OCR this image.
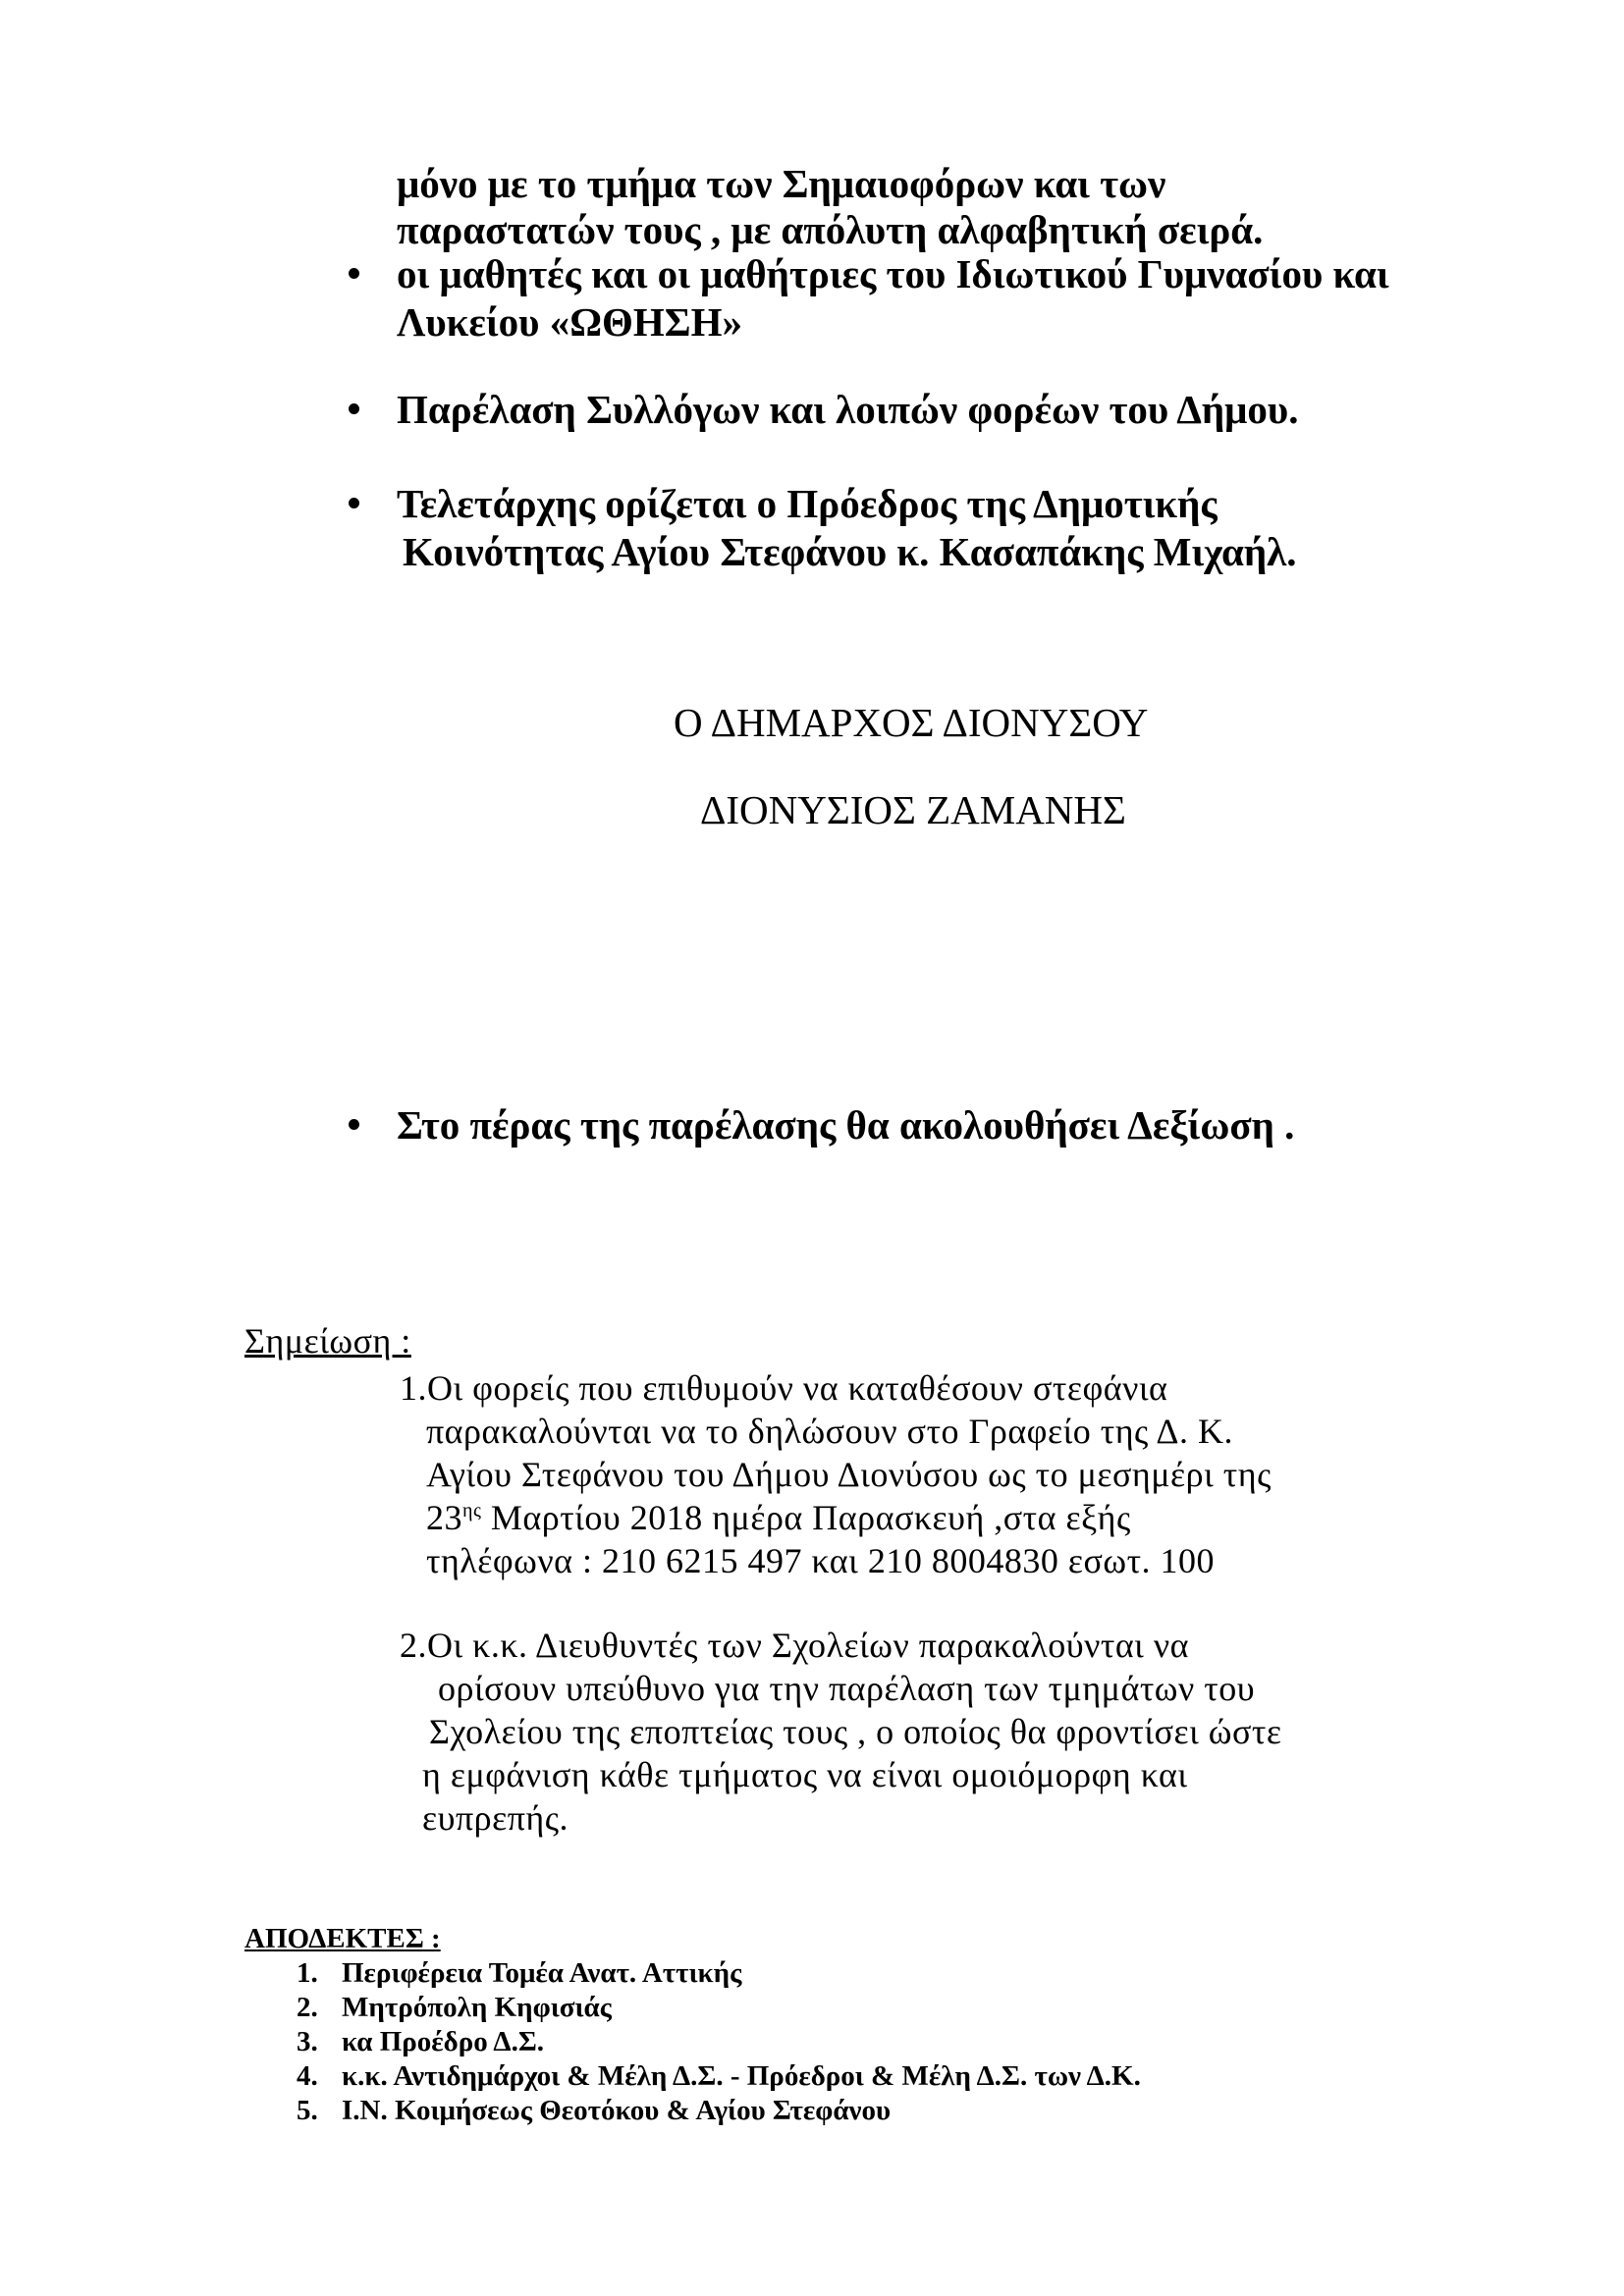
μόνο με το τμήμα των Σημαιοφόρων και των
παραστατών τους , με απόλυτη αλφαβητική σειρά.
οι μαθητές και οι μαθήτριες του Ιδιωτικού Γυμνασίου και
Λυκείου «ΩΘΗΣΗ»
Παρέλαση Συλλόγων και λοιπών φορέων του Δήμου.
Τελετάρχης ορίζεται ο Πρόεδρος της Δημοτικής
Κοινότητας Αγίου Στεφάνου κ. Κασαπάκης Μιχαήλ.
Ο ΔΗΜΑΡΧΟΣ ΔΙΟΝΥΣΟΥ
ΔΙΟΝΥΣΙΟΣ ΖΑΜΑΝΗΣ
Στο πέρας της παρέλασης θα ακολουθήσει Δεξίωση .
Σημείωση :
1.Οι φορείς που επιθυμούν να καταθέσουν στεφάνια
παρακαλούνται να το δηλώσουν στο Γραφείο της Δ. Κ.
Αγίου Στεφάνου του Δήμου Διονύσου ως το μεσημέρι της
$23^{\eta\varsigma}$ Μαρτίου 2018 ημέρα Παρασκευή ,στα εξής
τηλέφωνα : 210 6215 497 και 210 8004830 εσωτ. 100
2.Οι κ.κ. Διευθυντές των Σχολείων παρακαλούνται να
ορίσουν υπεύθυνο για την παρέλαση των τμημάτων του
Σχολείου της εποπτείας τους , ο οποίος θα φροντίσει ώστε
η εμφάνιση κάθε τμήματος να είναι ομοιόμορφη και
ευπρεπής.
ΑΠΟΔΕΚΤΕΣ :
1. Περιφέρεια Τομέα Ανατ. Αττικής
2. Μητρόπολη Κηφισιάς
3. κα Προέδρο Δ.Σ.
4. κ.κ. Αντιδημάρχοι & Μέλη Δ.Σ. - Πρόεδροι & Μέλη Δ.Σ. των Δ.Κ.
5. Ι.Ν. Κοιμήσεως Θεοτόκου & Αγίου Στεφάνου
